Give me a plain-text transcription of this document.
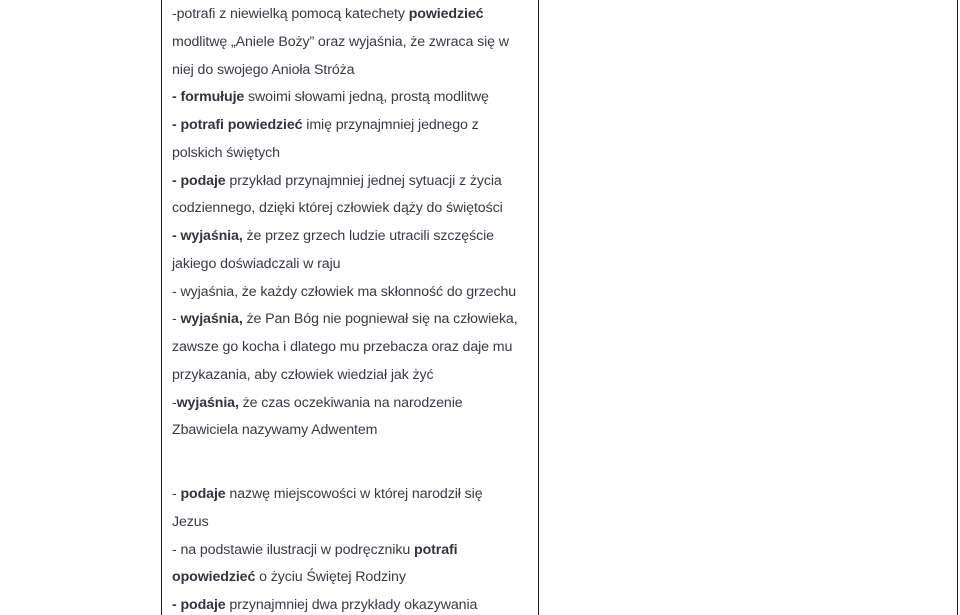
-potrafi z niewielką pomocą katechety powiedzieć
modlitwę „Aniele Boży” oraz wyjaśnia, że zwraca się w
niej do swojego Anioła Stróża
- formułuje swoimi słowami jedną, prostą modlitwę
- potrafi powiedzieć imię przynajmniej jednego z
polskich świętych
- podaje przykład przynajmniej jednej sytuacji z życia
codziennego, dzięki której człowiek dąży do świętości
- wyjaśnia, że przez grzech ludzie utracili szczęście
jakiego doświadczali w raju
- wyjaśnia, że każdy człowiek ma skłonność do grzechu
- wyjaśnia, że Pan Bóg nie pogniewał się na człowieka,
zawsze go kocha i dlatego mu przebacza oraz daje mu
przykazania, aby człowiek wiedział jak żyć
-wyjaśnia, że czas oczekiwania na narodzenie
Zbawiciela nazywamy Adwentem
- podaje nazwę miejscowości w której narodził się
Jezus
- na podstawie ilustracji w podręczniku potrafi
opowiedzieć o życiu Świętej Rodziny
- podaje przynajmniej dwa przykłady okazywania
